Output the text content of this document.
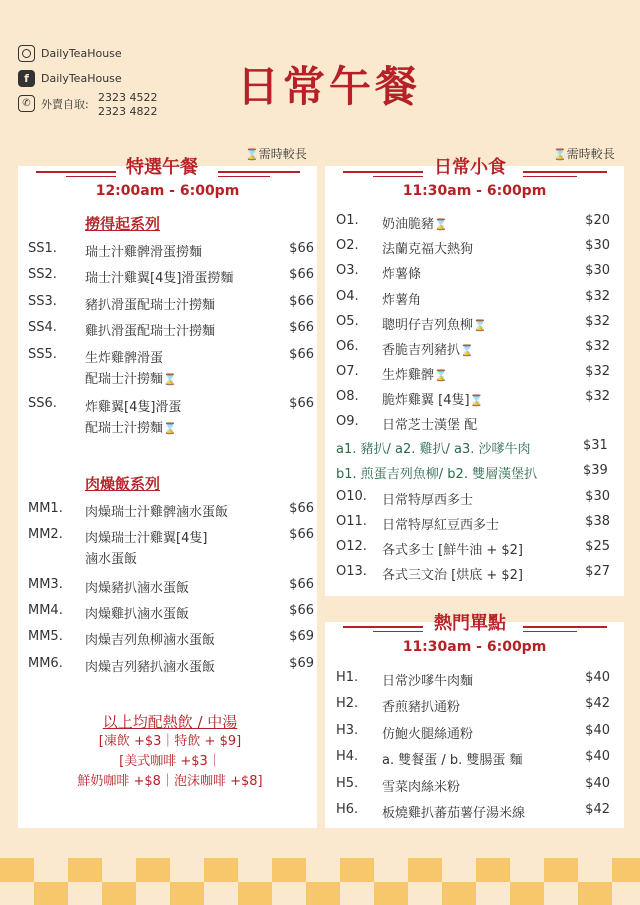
DailyTeaHouse
f	DailyTeaHouse
✆ 外賣自取: 2323 4522
2323 4822
日常午餐
特選午餐
⌛需時較長
12:00am - 6:00pm
撈得起系列
SS1. 瑞士汁雞髀滑蛋撈麵	$66
SS2. 瑞士汁雞翼[4隻]滑蛋撈麵	$66
SS3. 豬扒滑蛋配瑞士汁撈麵	$66
SS4. 雞扒滑蛋配瑞士汁撈麵	$66
SS5. 生炸雞髀滑蛋	$66
配瑞士汁撈麵⌛
SS6. 炸雞翼[4隻]滑蛋	$66
配瑞士汁撈麵⌛
肉燥飯系列
MM1. 肉燥瑞士汁雞髀滷水蛋飯	$66
MM2. 肉燥瑞士汁雞翼[4隻]	$66
滷水蛋飯
MM3. 肉燥豬扒滷水蛋飯	$66
MM4. 肉燥雞扒滷水蛋飯	$66
MM5. 肉燥吉列魚柳滷水蛋飯	$69
MM6. 肉燥吉列豬扒滷水蛋飯	$69
以上均配熱飲 / 中湯
[凍飲 +$3｜特飲 + $9]
[美式咖啡 +$3｜
鮮奶咖啡 +$8｜泡沫咖啡 +$8]
日常小食
⌛需時較長
11:30am - 6:00pm
O1. 奶油脆豬⌛	$20
O2. 法蘭克福大熱狗	$30
O3. 炸薯條	$30
O4. 炸薯角	$32
O5. 聰明仔吉列魚柳⌛	$32
O6. 香脆吉列豬扒⌛	$32
O7. 生炸雞髀⌛	$32
O8. 脆炸雞翼 [4隻]⌛	$32
O9. 日常芝士漢堡 配
a1. 豬扒/ a2. 雞扒/ a3. 沙嗲牛肉	$31
b1. 煎蛋吉列魚柳/ b2. 雙層漢堡扒	$39
O10. 日常特厚西多士	$30
O11. 日常特厚紅豆西多士	$38
O12. 各式多士 [鮮牛油 + $2]	$25
O13. 各式三文治 [烘底 + $2]	$27
熱門單點
11:30am - 6:00pm
H1. 日常沙嗲牛肉麵	$40
H2. 香煎豬扒通粉	$42
H3. 仿鮑火腿絲通粉	$40
H4. a. 雙餐蛋 / b. 雙腸蛋 麵	$40
H5. 雪菜肉絲米粉	$40
H6. 板燒雞扒蕃茄薯仔湯米線	$42
